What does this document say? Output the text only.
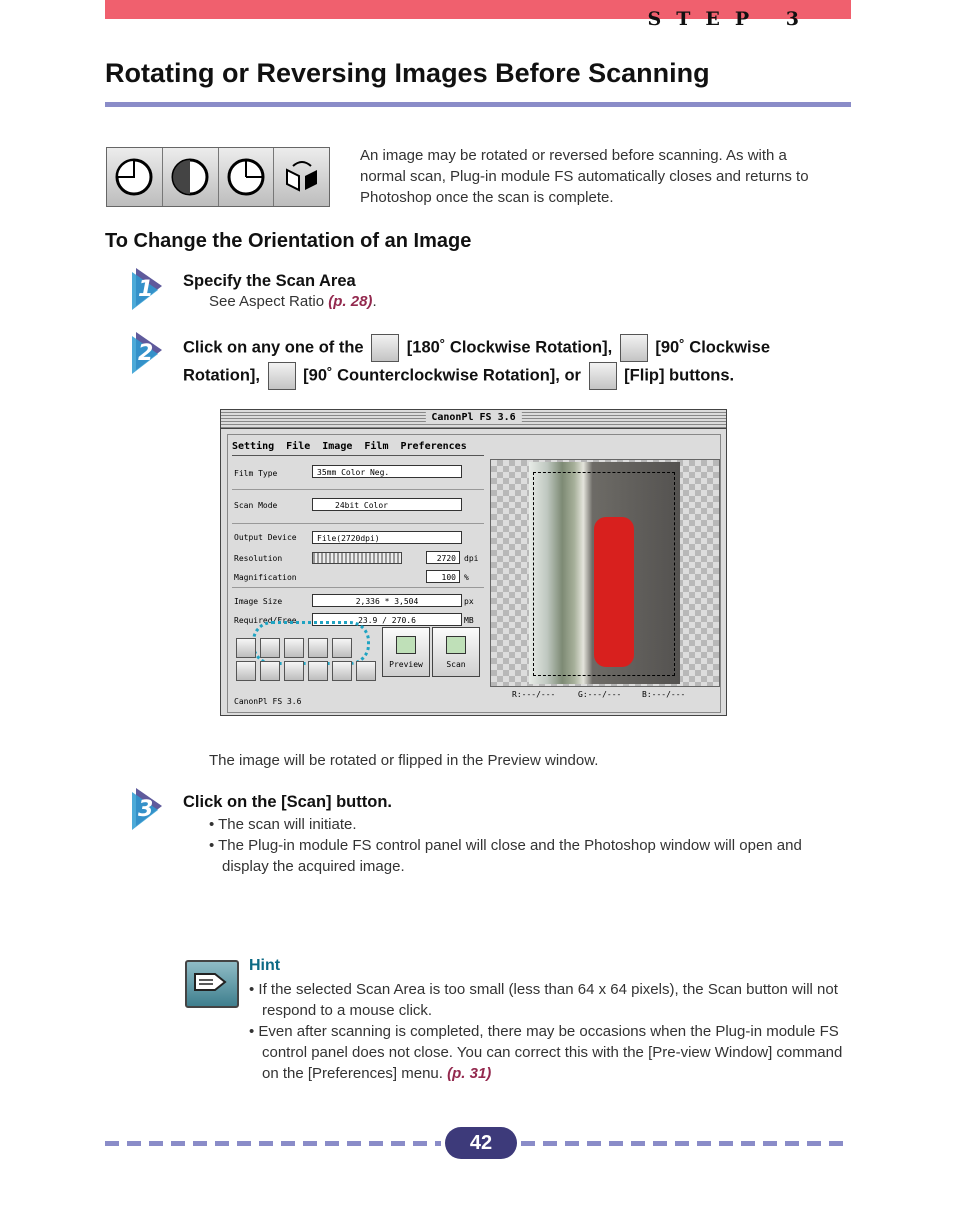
STEP 3
Rotating or Reversing Images Before Scanning
An image may be rotated or reversed before scanning. As with a normal scan, Plug-in module FS automatically closes and returns to Photoshop once the scan is complete.
To Change the Orientation of an Image
1 Specify the Scan Area
See Aspect Ratio (p. 28).
2 Click on any one of the	[180˚ Clockwise Rotation],	[90˚ Clockwise Rotation],	[90˚ Counterclockwise Rotation], or	[Flip] buttons.
CanonPl FS 3.6
Setting File Image Film Preferences
Film Type	35mm Color Neg.
Scan Mode	24bit Color
Output Device	File(2720dpi)
Resolution	2720	dpi
Magnification	100	%
Image Size	2,336 * 3,504	px
Required/Free	23.9 / 270.6	MB
Preview	Scan
R:---/---	G:---/---	B:---/---
CanonPl FS 3.6
The image will be rotated or flipped in the Preview window.
3 Click on the [Scan] button.
• The scan will initiate.
• The Plug-in module FS control panel will close and the Photoshop window will open and display the acquired image.
Hint
• If the selected Scan Area is too small (less than 64 x 64 pixels), the Scan button will not respond to a mouse click.
• Even after scanning is completed, there may be occasions when the Plug-in module FS control panel does not close. You can correct this with the [Pre-view Window] command on the [Preferences] menu. (p. 31)
42
